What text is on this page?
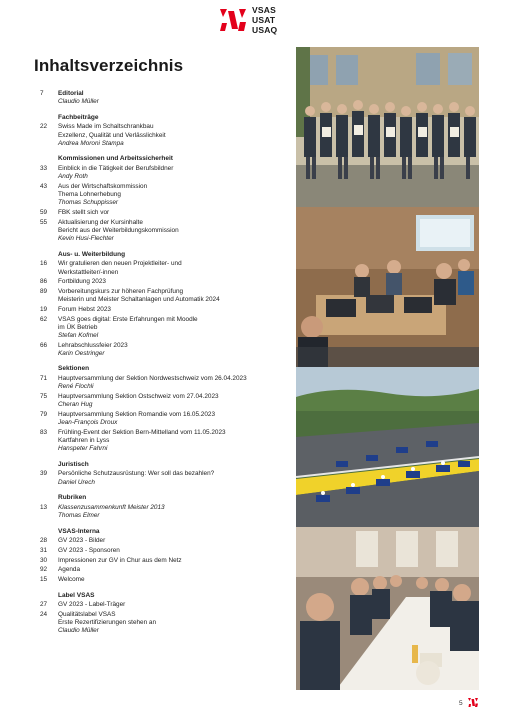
VSAS
USAT
USAQ
Inhaltsverzeichnis
7	Editorial
Claudio Müller
Fachbeiträge
22	Swiss Made im Schaltschrankbau
Exzellenz, Qualität und Verlässlichkeit
Andrea Moroni Stampa
Kommissionen und Arbeitssicherheit
33	Einblick in die Tätigkeit der Berufsbildner
Andy Roth
43	Aus der Wirtschaftskommission
Thema Lohnerhebung
Thomas Schuppisser
59	FBK stellt sich vor
55	Aktualisierung der Kursinhalte
Bericht aus der Weiterbildungskommission
Kevin Husi-Flechter
Aus- u. Weiterbildung
16	Wir gratulieren den neuen Projektleiter- und
Werkstattleiter/-innen
86	Fortbildung 2023
89	Vorbereitungskurs zur höheren Fachprüfung
Meisterin und Meister Schaltanlagen und Automatik 2024
19	Forum Hebst 2023
62	VSAS goes digital: Erste Erfahrungen mit Moodle
im ÜK Betrieb
Stefan Kofmel
66	Lehrabschlussfeier 2023
Karin Oestringer
Sektionen
71	Hauptversammlung der Sektion Nordwestschweiz vom 26.04.2023
René Flochli
75	Hauptversammlung Sektion Ostschweiz vom 27.04.2023
Cheran Hug
79	Hauptversammlung Sektion Romandie vom 16.05.2023
Jean-François Droux
83	Frühling-Event der Sektion Bern-Mittelland vom 11.05.2023
Kartfahren in Lyss
Hanspeter Fahrni
Juristisch
39	Persönliche Schutzausrüstung: Wer soll das bezahlen?
Daniel Urech
Rubriken
13	Klassenzusammenkunft Meister 2013
Thomas Elmer
VSAS-Interna
28	GV 2023 - Bilder
31	GV 2023 - Sponsoren
30	Impressionen zur GV in Chur aus dem Netz
92	Agenda
15	Welcome
Label VSAS
27	GV 2023 - Label-Träger
24	Qualitätslabel VSAS
Erste Rezertifizierungen stehen an
Claudio Müller
5
